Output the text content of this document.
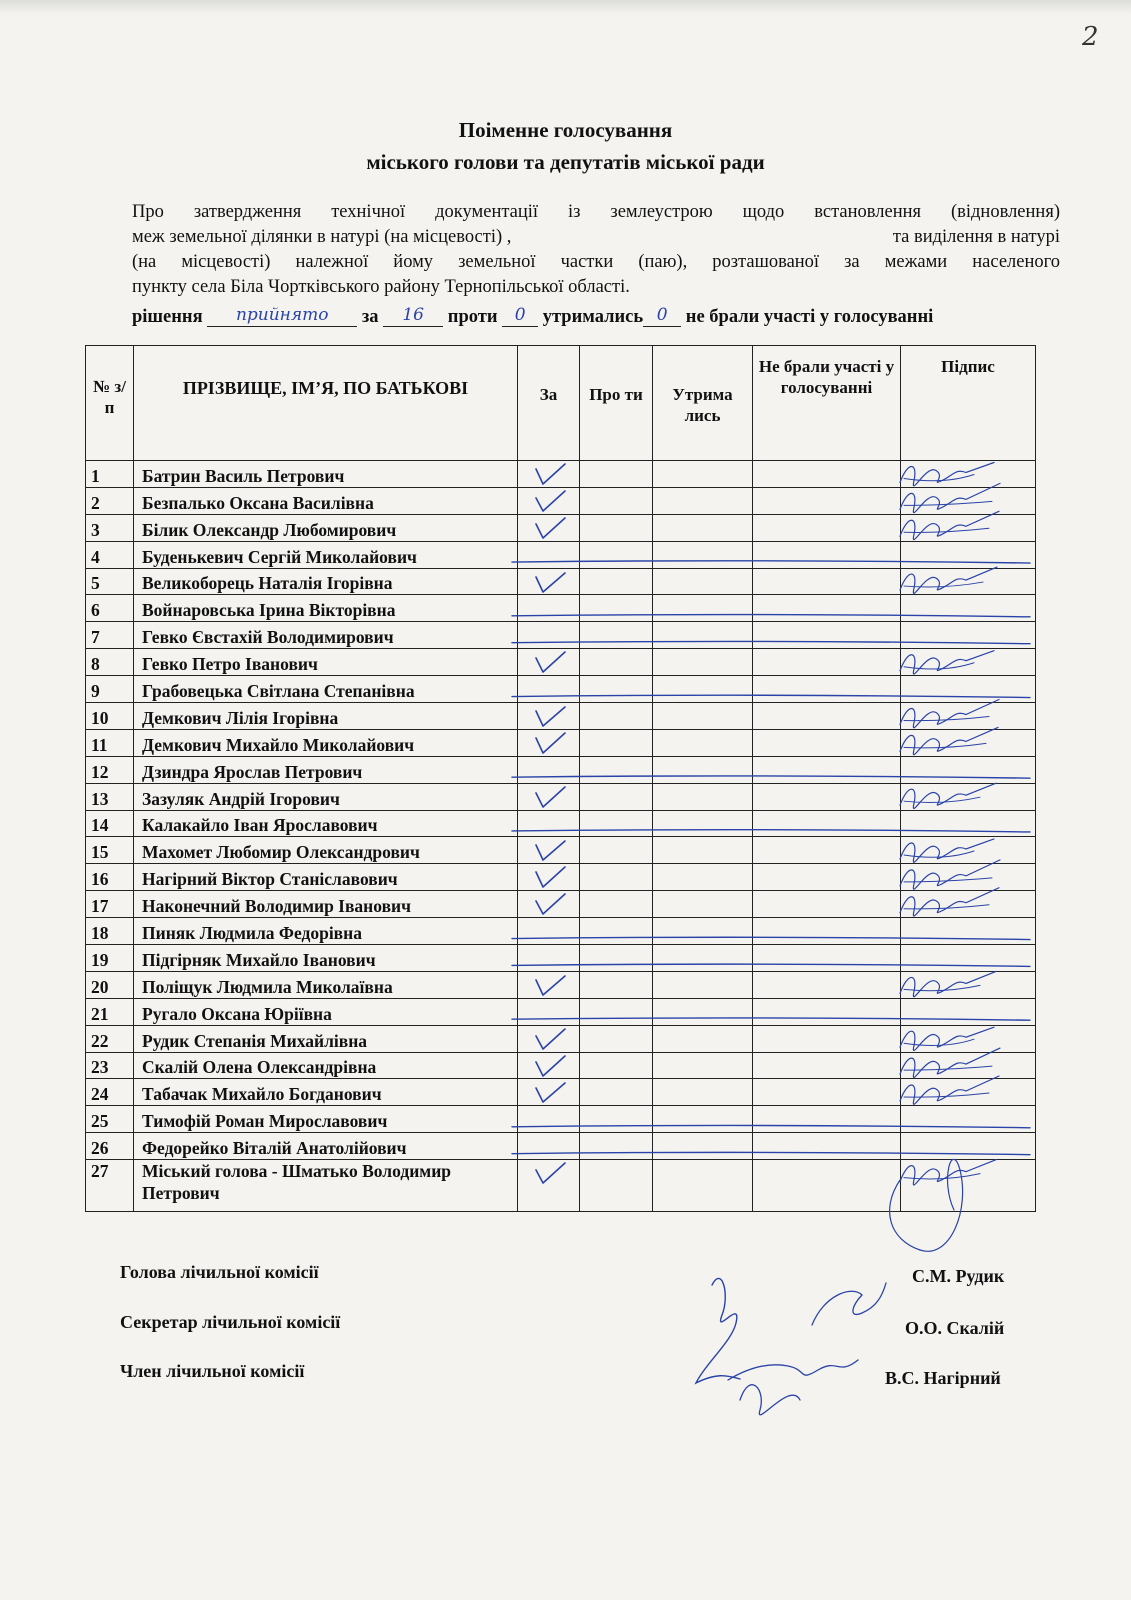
2
Поіменне голосування
міського голови та депутатів міської ради
Про затвердження технічної документації із землеустрою щодо встановлення (відновлення)
меж земельної ділянки в натурі (на місцевості) ,	та виділення в натурі
(на місцевості) належної йому земельної частки (паю), розташованої за межами населеного
пункту села Біла Чортківського району Тернопільської області.
рішення прийнято за 16 проти 0 утримались 0 не брали участі у голосуванні
№ з/п	ПРІЗВИЩЕ, ІМ’Я, ПО БАТЬКОВІ	За	Про ти	Утрима лись	Не брали участі у голосуванні	Підпис
1	Батрин Василь Петрович	

2	Безпалько Оксана Василівна	

3	Білик Олександр Любомирович	

4	Буденькевич Сергій Миколайович					
5	Великоборець Наталія Ігорівна	

6	Войнаровська Ірина Вікторівна					
7	Гевко Євстахій Володимирович					
8	Гевко Петро Іванович	

9	Грабовецька Світлана Степанівна					
10	Демкович Лілія Ігорівна	

11	Демкович Михайло Миколайович	

12	Дзиндра Ярослав Петрович					
13	Зазуляк Андрій Ігорович	

14	Калакайло Іван Ярославович					
15	Махомет Любомир Олександрович	

16	Нагірний Віктор Станіславович	

17	Наконечний Володимир Іванович	

18	Пиняк Людмила Федорівна					
19	Підгірняк Михайло Іванович					
20	Поліщук Людмила Миколаївна	

21	Ругало Оксана Юріївна					
22	Рудик Степанія Михайлівна	

23	Скалій Олена Олександрівна	

24	Табачак Михайло Богданович	

25	Тимофій Роман Мирославович					
26	Федорейко Віталій Анатолійович					
27	Міський голова - Шматько Володимир Петрович	

Голова лічильної комісії	С.М. Рудик
Секретар лічильної комісії	О.О. Скалій
Член лічильної комісії	В.С. Нагірний
